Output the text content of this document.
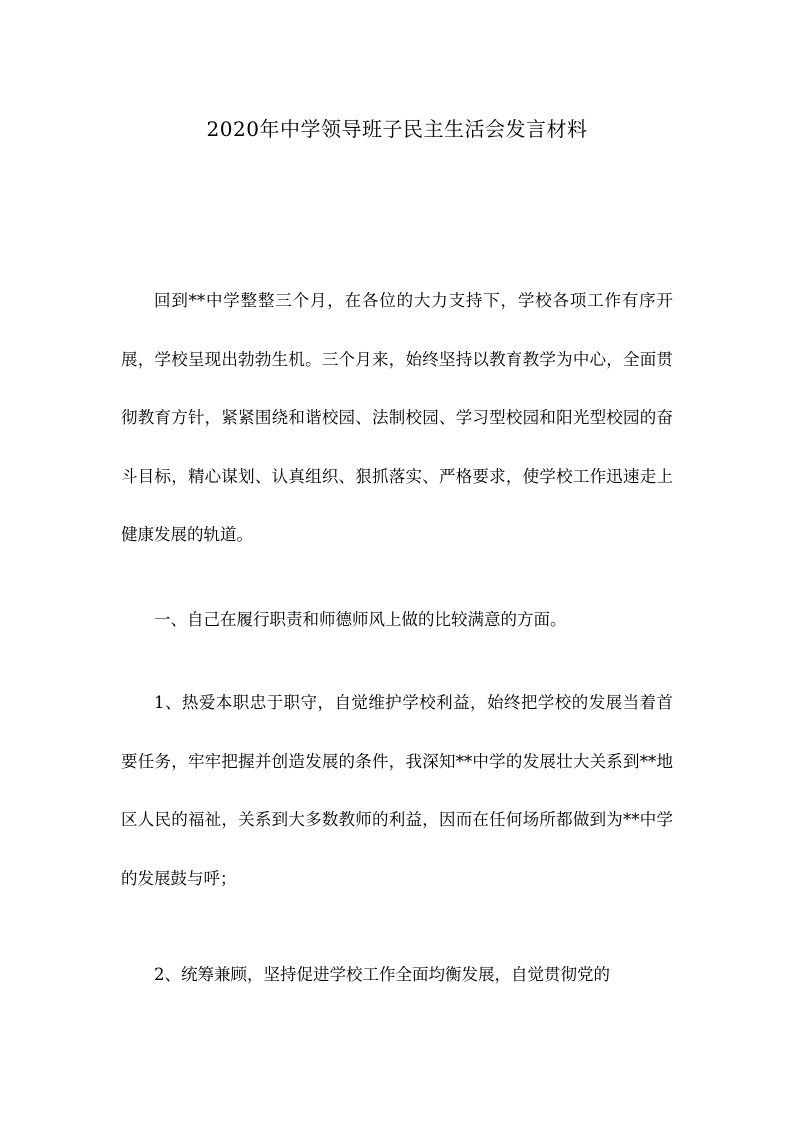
2020年中学领导班子民主生活会发言材料

回到**中学整整三个月，在各位的大力支持下，学校各项工作有序开展，学校呈现出勃勃生机。三个月来，始终坚持以教育教学为中心，全面贯彻教育方针，紧紧围绕和谐校园、法制校园、学习型校园和阳光型校园的奋斗目标，精心谋划、认真组织、狠抓落实、严格要求，使学校工作迅速走上健康发展的轨道。

一、自己在履行职责和师德师风上做的比较满意的方面。

1、热爱本职忠于职守，自觉维护学校利益，始终把学校的发展当着首要任务，牢牢把握并创造发展的条件，我深知**中学的发展壮大关系到**地区人民的福祉，关系到大多数教师的利益，因而在任何场所都做到为**中学的发展鼓与呼；

2、统筹兼顾，坚持促进学校工作全面均衡发展，自觉贯彻党的
